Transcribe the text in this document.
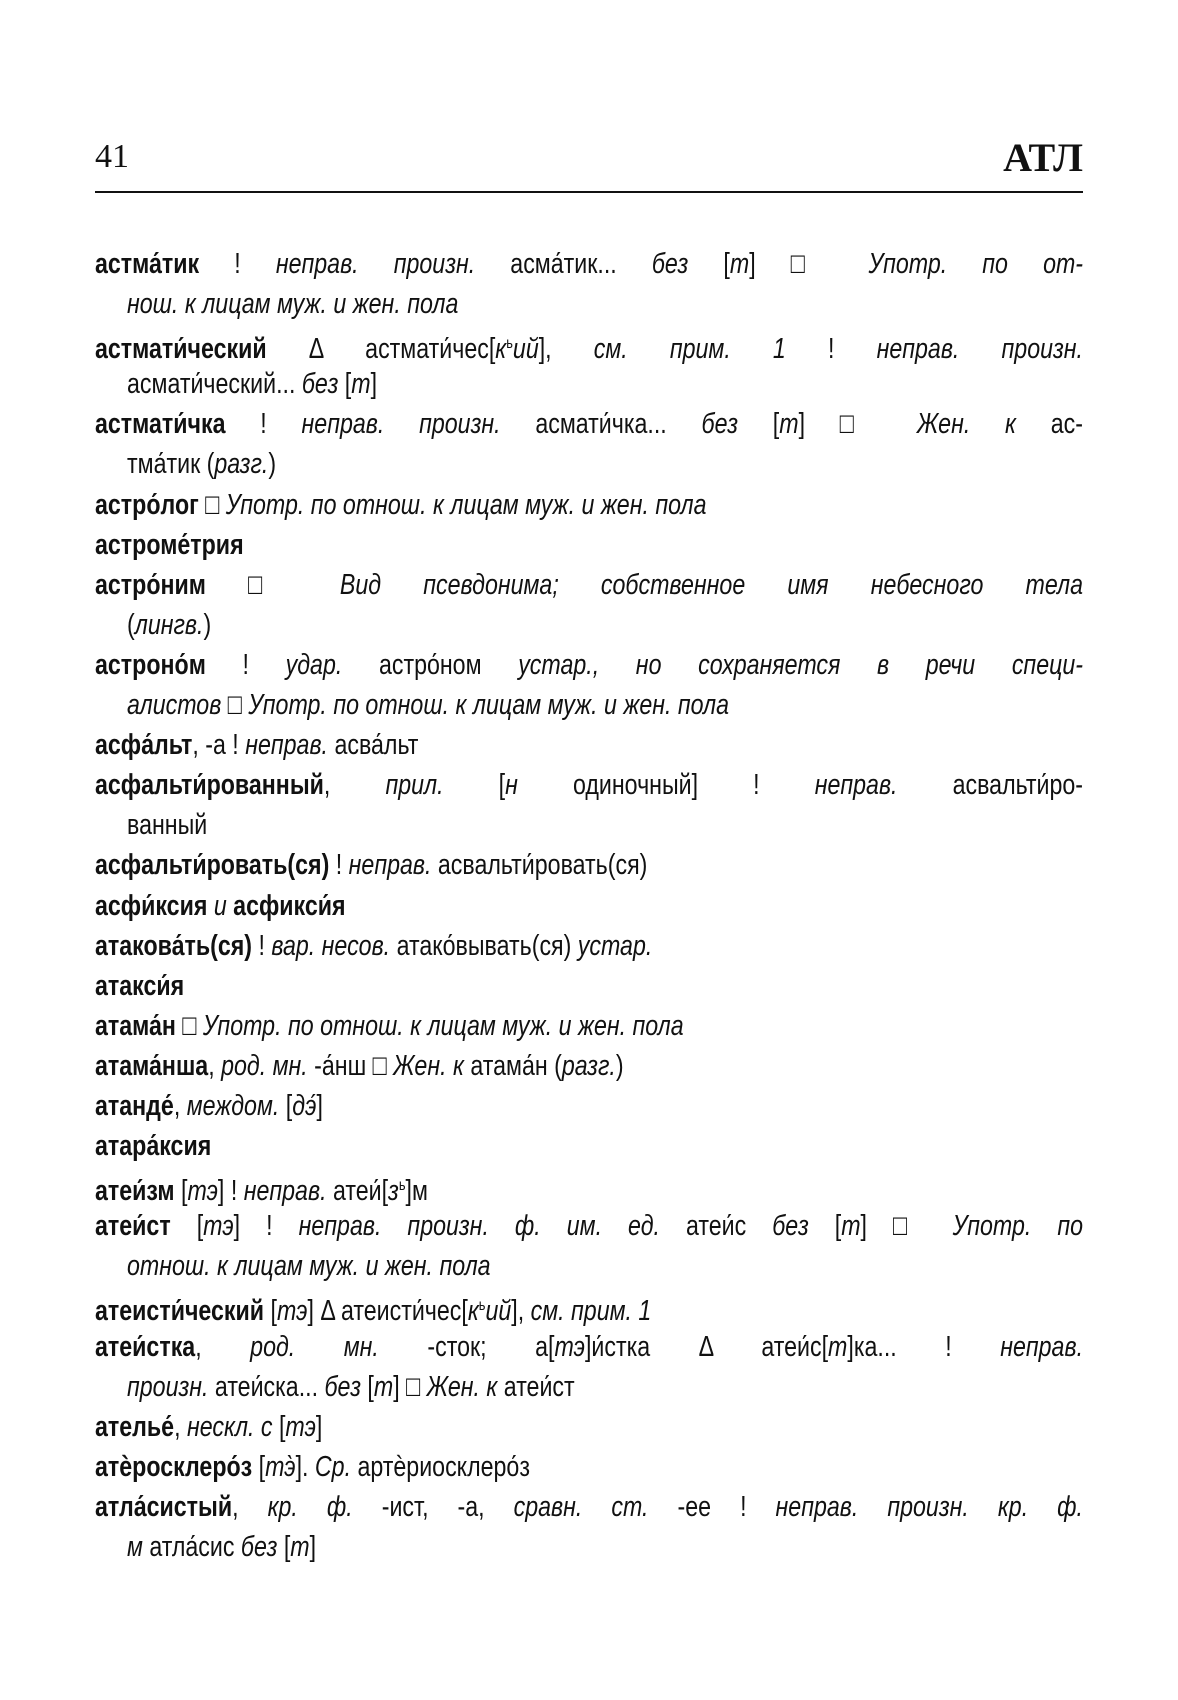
41	АТЛ
астма́тик ! неправ. произн. асма́тик... без [т] □ Употр. по от-
нош. к лицам муж. и жен. пола
астмати́ческий Δ $астмати́чес[к^ьий]$, см. прим. 1 ! неправ. произн.
асмати́ческий... без [т]
астмати́чка ! неправ. произн. асмати́чка... без [т] □ Жен. к ас-
тма́тик (разг.)
астро́лог □ Употр. по отнош. к лицам муж. и жен. пола
астроме́трия
астро́ним □ Вид псевдонима; собственное имя небесного тела
(лингв.)
астроно́м ! удар. астро́ном устар., но сохраняется в речи специ-
алистов □ Употр. по отнош. к лицам муж. и жен. пола
асфа́льт, -а ! неправ. асва́льт
асфальти́рованный, прил. [н одиночный] ! неправ. асвальти́ро-
ванный
асфальти́ровать(ся) ! неправ. асвальти́ровать(ся)
асфи́ксия и асфикси́я
атакова́ть(ся) ! вар. несов. атако́вывать(ся) устар.
атакси́я
атама́н □ Употр. по отнош. к лицам муж. и жен. пола
атама́нша, род. мн. -а́нш □ Жен. к атама́н (разг.)
атанде́, междом. [дэ́]
атара́ксия
атеи́зм [тэ] ! неправ. $атеи́[з^ь]м$
атеи́ст [тэ] ! неправ. произн. ф. им. ед. атеи́с без [т] □ Употр. по
отнош. к лицам муж. и жен. пола
атеисти́ческий [тэ] Δ $атеисти́чес[к^ьий]$, см. прим. 1
атеи́стка, род. мн. -сток; а[тэ]и́стка Δ атеи́с[т]ка... ! неправ.
произн. атеи́ска... без [т] □ Жен. к атеи́ст
ателье́, нескл. с [тэ]
атѐросклеро́з [тэ̀]. Ср. артѐриосклеро́з
атла́систый, кр. ф. -ист, -а, сравн. ст. -ее ! неправ. произн. кр. ф.
м атла́сис без [т]
